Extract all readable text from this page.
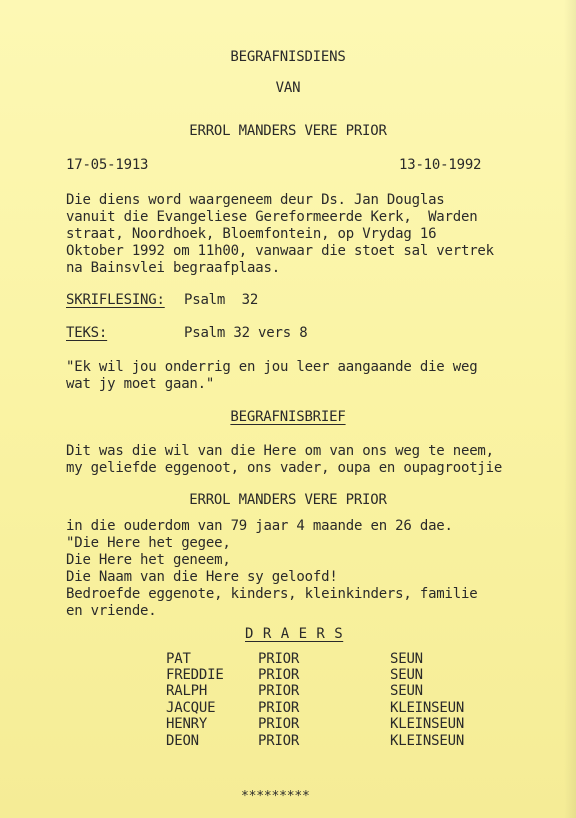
BEGRAFNISDIENS
VAN
ERROL MANDERS VERE PRIOR
17-05-1913	13-10-1992
Die diens word waargeneem deur Ds. Jan Douglas
vanuit die Evangeliese Gereformeerde Kerk,  Warden
straat, Noordhoek, Bloemfontein, op Vrydag 16
Oktober 1992 om 11h00, vanwaar die stoet sal vertrek
na Bainsvlei begraafplaas.
SKRIFLESING: Psalm  32
TEKS:	Psalm 32 vers 8
"Ek wil jou onderrig en jou leer aangaande die weg
wat jy moet gaan."
BEGRAFNISBRIEF
Dit was die wil van die Here om van ons weg te neem,
my geliefde eggenoot, ons vader, oupa en oupagrootjie
ERROL MANDERS VERE PRIOR
in die ouderdom van 79 jaar 4 maande en 26 dae.
"Die Here het gegee,
Die Here het geneem,
Die Naam van die Here sy geloofd!
Bedroefde eggenote, kinders, kleinkinders, familie
en vriende.
D R A E R S
PAT	PRIOR	SEUN
FREDDIE PRIOR	SEUN
RALPH	PRIOR	SEUN
JACQUE	PRIOR	KLEINSEUN
HENRY	PRIOR	KLEINSEUN
DEON	PRIOR	KLEINSEUN
*********
